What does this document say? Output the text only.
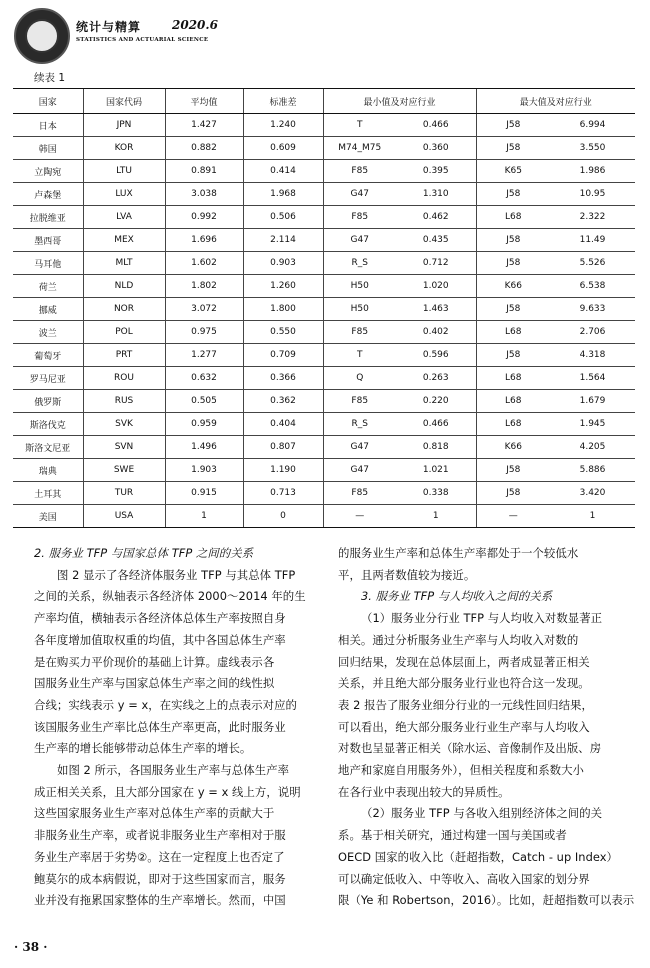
统计与精算	2020.6
STATISTICS AND ACTUARIAL SCIENCE
续表 1
国家	国家代码	平均值	标准差	最小值及对应行业		最大值及对应行业	
日本	JPN	1.427	1.240	T	0.466	J58	6.994
韩国	KOR	0.882	0.609	M74_M75	0.360	J58	3.550
立陶宛	LTU	0.891	0.414	F85	0.395	K65	1.986
卢森堡	LUX	3.038	1.968	G47	1.310	J58	10.95
拉脱维亚	LVA	0.992	0.506	F85	0.462	L68	2.322
墨西哥	MEX	1.696	2.114	G47	0.435	J58	11.49
马耳他	MLT	1.602	0.903	R_S	0.712	J58	5.526
荷兰	NLD	1.802	1.260	H50	1.020	K66	6.538
挪威	NOR	3.072	1.800	H50	1.463	J58	9.633
波兰	POL	0.975	0.550	F85	0.402	L68	2.706
葡萄牙	PRT	1.277	0.709	T	0.596	J58	4.318
罗马尼亚	ROU	0.632	0.366	Q	0.263	L68	1.564
俄罗斯	RUS	0.505	0.362	F85	0.220	L68	1.679
斯洛伐克	SVK	0.959	0.404	R_S	0.466	L68	1.945
斯洛文尼亚	SVN	1.496	0.807	G47	0.818	K66	4.205
瑞典	SWE	1.903	1.190	G47	1.021	J58	5.886
土耳其	TUR	0.915	0.713	F85	0.338	J58	3.420
美国	USA	1	0	—	1	—	1
2. 服务业 TFP 与国家总体 TFP 之间的关系
图 2 显示了各经济体服务业 TFP 与其总体 TFP
之间的关系，纵轴表示各经济体 2000～2014 年的生
产率均值，横轴表示各经济体总体生产率按照自身
各年度增加值取权重的均值，其中各国总体生产率
是在购买力平价现价的基础上计算。虚线表示各
国服务业生产率与国家总体生产率之间的线性拟
合线；实线表示 y = x，在实线之上的点表示对应的
该国服务业生产率比总体生产率更高，此时服务业
生产率的增长能够带动总体生产率的增长。
如图 2 所示，各国服务业生产率与总体生产率
成正相关关系，且大部分国家在 y = x 线上方，说明
这些国家服务业生产率对总体生产率的贡献大于
非服务业生产率，或者说非服务业生产率相对于服
务业生产率居于劣势②。这在一定程度上也否定了
鲍莫尔的成本病假说，即对于这些国家而言，服务
业并没有拖累国家整体的生产率增长。然而，中国
的服务业生产率和总体生产率都处于一个较低水
平，且两者数值较为接近。
3. 服务业 TFP 与人均收入之间的关系
（1）服务业分行业 TFP 与人均收入对数显著正
相关。通过分析服务业生产率与人均收入对数的
回归结果，发现在总体层面上，两者成显著正相关
关系，并且绝大部分服务业行业也符合这一发现。
表 2 报告了服务业细分行业的一元线性回归结果，
可以看出，绝大部分服务业行业生产率与人均收入
对数也呈显著正相关（除水运、音像制作及出版、房
地产和家庭自用服务外），但相关程度和系数大小
在各行业中表现出较大的异质性。
（2）服务业 TFP 与各收入组别经济体之间的关
系。基于相关研究，通过构建一国与美国或者
OECD 国家的收入比（赶超指数，Catch - up Index）
可以确定低收入、中等收入、高收入国家的划分界
限（Ye 和 Robertson，2016）。比如，赶超指数可以表示
· 38 ·
